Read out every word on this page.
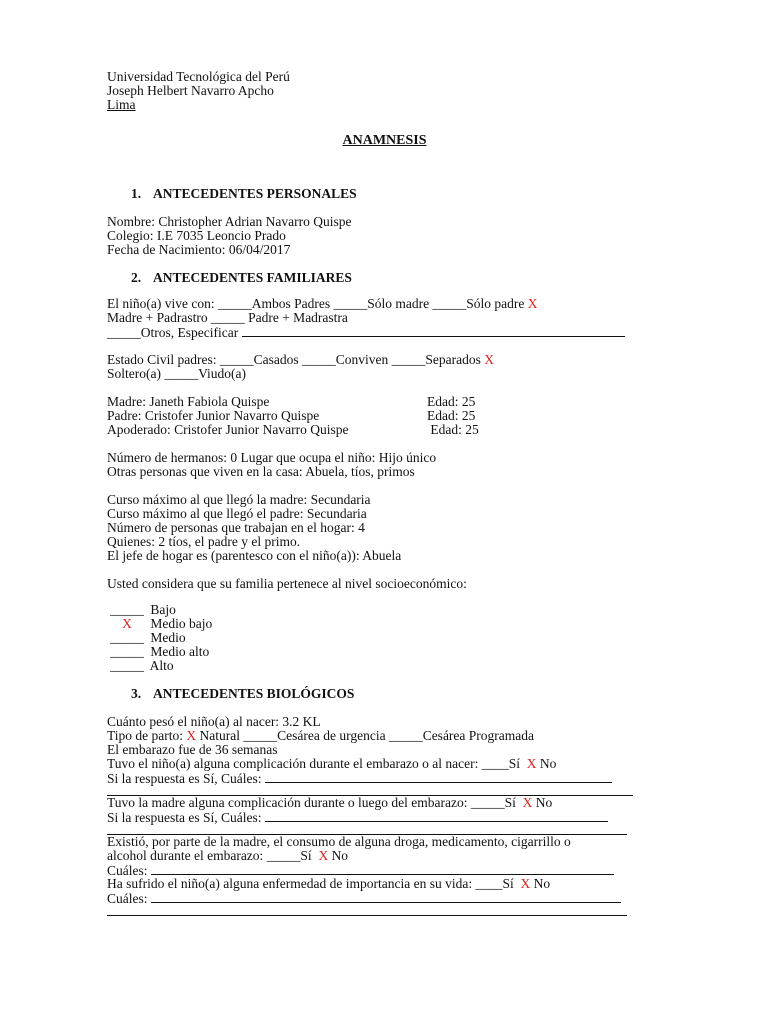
Universidad Tecnológica del Perú
Joseph Helbert Navarro Apcho
Lima
ANAMNESIS
1. ANTECEDENTES PERSONALES
Nombre: Christopher Adrian Navarro Quispe
Colegio: I.E 7035 Leoncio Prado
Fecha de Nacimiento: 06/04/2017
2. ANTECEDENTES FAMILIARES
El niño(a) vive con: _____Ambos Padres _____Sólo madre _____Sólo padre X
Madre + Padrastro _____ Padre + Madrastra
_____Otros, Especificar
Estado Civil padres: _____Casados _____Conviven _____Separados X
Soltero(a) _____Viudo(a)
Madre: Janeth Fabiola Quispe	Edad: 25
Padre: Cristofer Junior Navarro Quispe	Edad: 25
Apoderado: Cristofer Junior Navarro Quispe	Edad: 25
Número de hermanos: 0 Lugar que ocupa el niño: Hijo único
Otras personas que viven en la casa: Abuela, tíos, primos
Curso máximo al que llegó la madre: Secundaria
Curso máximo al que llegó el padre: Secundaria
Número de personas que trabajan en el hogar: 4
Quienes: 2 tíos, el padre y el primo.
El jefe de hogar es (parentesco con el niño(a)): Abuela
Usted considera que su familia pertenece al nivel socioeconómico:
_____ Bajo
X Medio bajo
_____ Medio
_____ Medio alto
_____ Alto
3. ANTECEDENTES BIOLÓGICOS
Cuánto pesó el niño(a) al nacer: 3.2 KL
Tipo de parto: X Natural _____Cesárea de urgencia _____Cesárea Programada
El embarazo fue de 36 semanas
Tuvo el niño(a) alguna complicación durante el embarazo o al nacer: ____Sí  X No
Si la respuesta es Sí, Cuáles:
Tuvo la madre alguna complicación durante o luego del embarazo: _____Sí  X No
Si la respuesta es Sí, Cuáles:
Existió, por parte de la madre, el consumo de alguna droga, medicamento, cigarrillo o
alcohol durante el embarazo: _____Sí  X No
Cuáles:
Ha sufrido el niño(a) alguna enfermedad de importancia en su vida: ____Sí  X No
Cuáles:
